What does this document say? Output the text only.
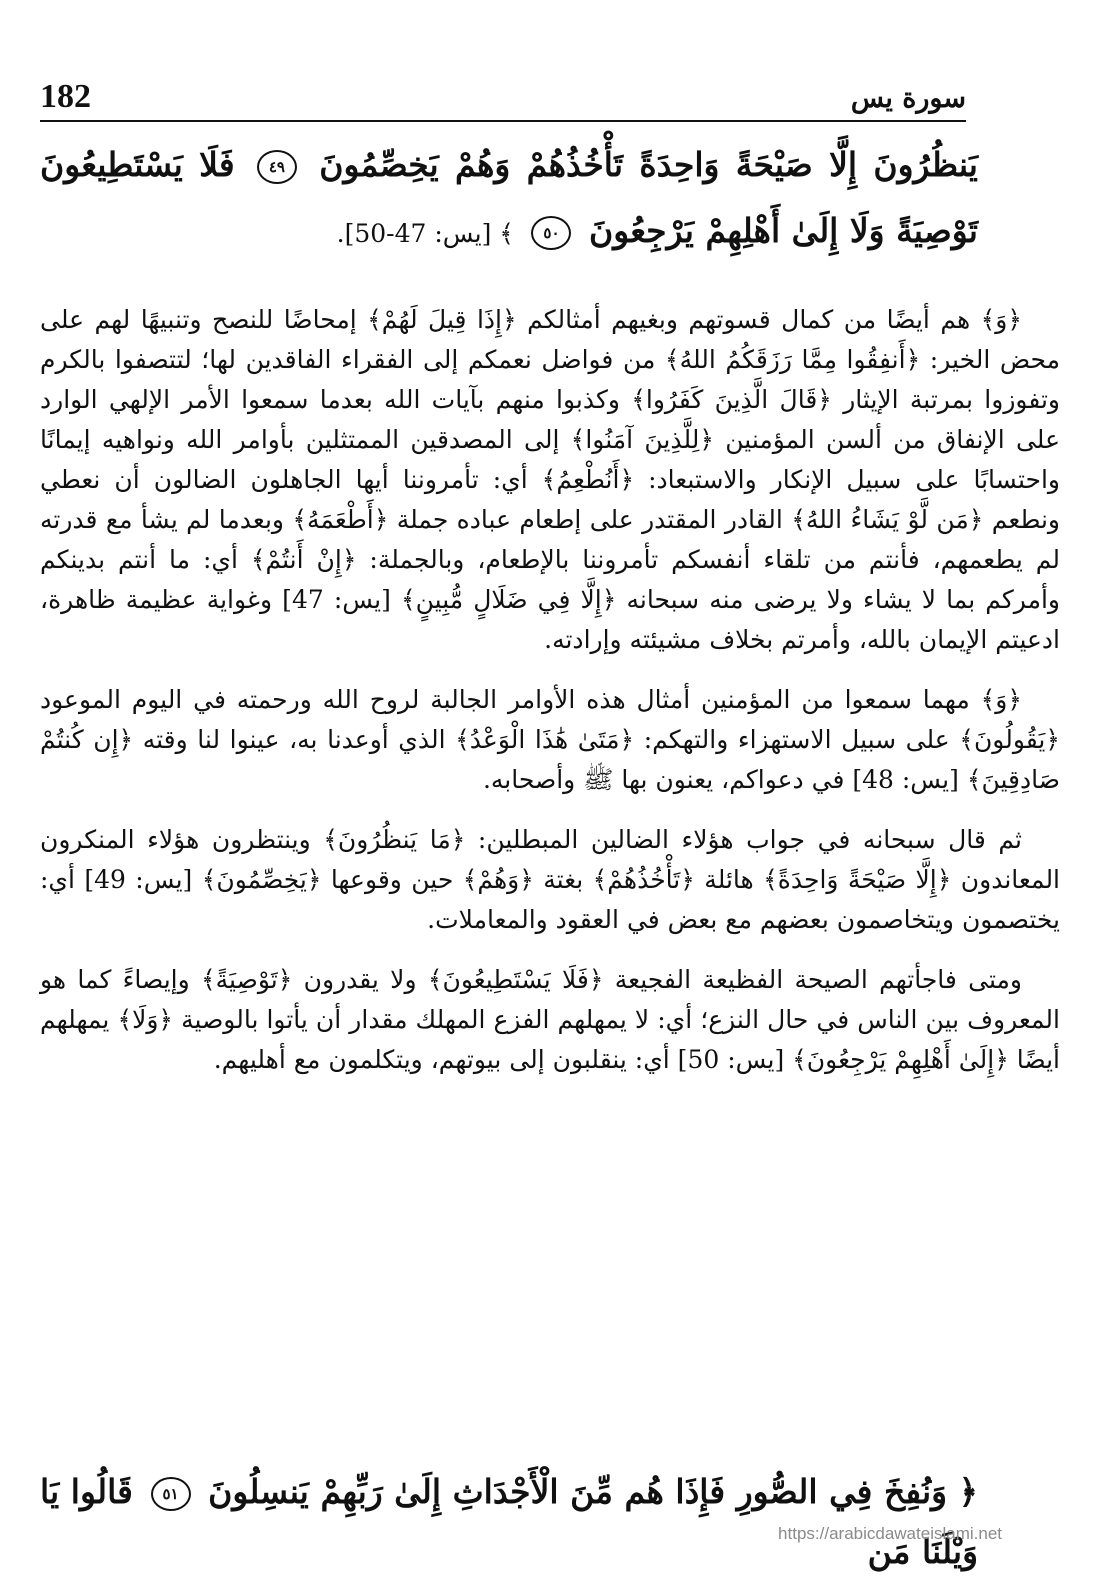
سورة يس
182
يَنظُرُونَ إِلَّا صَيْحَةً وَاحِدَةً تَأْخُذُهُمْ وَهُمْ يَخِصِّمُونَ ٤٩ فَلَا يَسْتَطِيعُونَ تَوْصِيَةً وَلَا إِلَىٰ أَهْلِهِمْ يَرْجِعُونَ ٥٠ ﴾ [يس: 47-50].

﴿وَ﴾ هم أيضًا من كمال قسوتهم وبغيهم أمثالكم ﴿إِذَا قِيلَ لَهُمْ﴾ إمحاضًا للنصح وتنبيهًا لهم على محض الخير: ﴿أَنفِقُوا مِمَّا رَزَقَكُمُ اللهُ﴾ من فواضل نعمكم إلى الفقراء الفاقدين لها؛ لتتصفوا بالكرم وتفوزوا بمرتبة الإيثار ﴿قَالَ الَّذِينَ كَفَرُوا﴾ وكذبوا منهم بآيات الله بعدما سمعوا الأمر الإلهي الوارد على الإنفاق من ألسن المؤمنين ﴿لِلَّذِينَ آمَنُوا﴾ إلى المصدقين الممتثلين بأوامر الله ونواهيه إيمانًا واحتسابًا على سبيل الإنكار والاستبعاد: ﴿أَنُطْعِمُ﴾ أي: تأمروننا أيها الجاهلون الضالون أن نعطي ونطعم ﴿مَن لَّوْ يَشَاءُ اللهُ﴾ القادر المقتدر على إطعام عباده جملة ﴿أَطْعَمَهُ﴾ وبعدما لم يشأ مع قدرته لم يطعمهم، فأنتم من تلقاء أنفسكم تأمروننا بالإطعام، وبالجملة: ﴿إِنْ أَنتُمْ﴾ أي: ما أنتم بدينكم وأمركم بما لا يشاء ولا يرضى منه سبحانه ﴿إِلَّا فِي ضَلَالٍ مُّبِينٍ﴾ [يس: 47] وغواية عظيمة ظاهرة، ادعيتم الإيمان بالله، وأمرتم بخلاف مشيئته وإرادته.

﴿وَ﴾ مهما سمعوا من المؤمنين أمثال هذه الأوامر الجالبة لروح الله ورحمته في اليوم الموعود ﴿يَقُولُونَ﴾ على سبيل الاستهزاء والتهكم: ﴿مَتَىٰ هَٰذَا الْوَعْدُ﴾ الذي أوعدنا به، عينوا لنا وقته ﴿إِن كُنتُمْ صَادِقِينَ﴾ [يس: 48] في دعواكم، يعنون بها ﷺ وأصحابه.

ثم قال سبحانه في جواب هؤلاء الضالين المبطلين: ﴿مَا يَنظُرُونَ﴾ وينتظرون هؤلاء المنكرون المعاندون ﴿إِلَّا صَيْحَةً وَاحِدَةً﴾ هائلة ﴿تَأْخُذُهُمْ﴾ بغتة ﴿وَهُمْ﴾ حين وقوعها ﴿يَخِصِّمُونَ﴾ [يس: 49] أي: يختصمون ويتخاصمون بعضهم مع بعض في العقود والمعاملات.

ومتى فاجأتهم الصيحة الفظيعة الفجيعة ﴿فَلَا يَسْتَطِيعُونَ﴾ ولا يقدرون ﴿تَوْصِيَةً﴾ وإيصاءً كما هو المعروف بين الناس في حال النزع؛ أي: لا يمهلهم الفزع المهلك مقدار أن يأتوا بالوصية ﴿وَلَا﴾ يمهلهم أيضًا ﴿إِلَىٰ أَهْلِهِمْ يَرْجِعُونَ﴾ [يس: 50] أي: ينقلبون إلى بيوتهم، ويتكلمون مع أهليهم.

﴿ وَنُفِخَ فِي الصُّورِ فَإِذَا هُم مِّنَ الْأَجْدَاثِ إِلَىٰ رَبِّهِمْ يَنسِلُونَ ٥١ قَالُوا يَا وَيْلَنَا مَن
https://arabicdawateislami.net
